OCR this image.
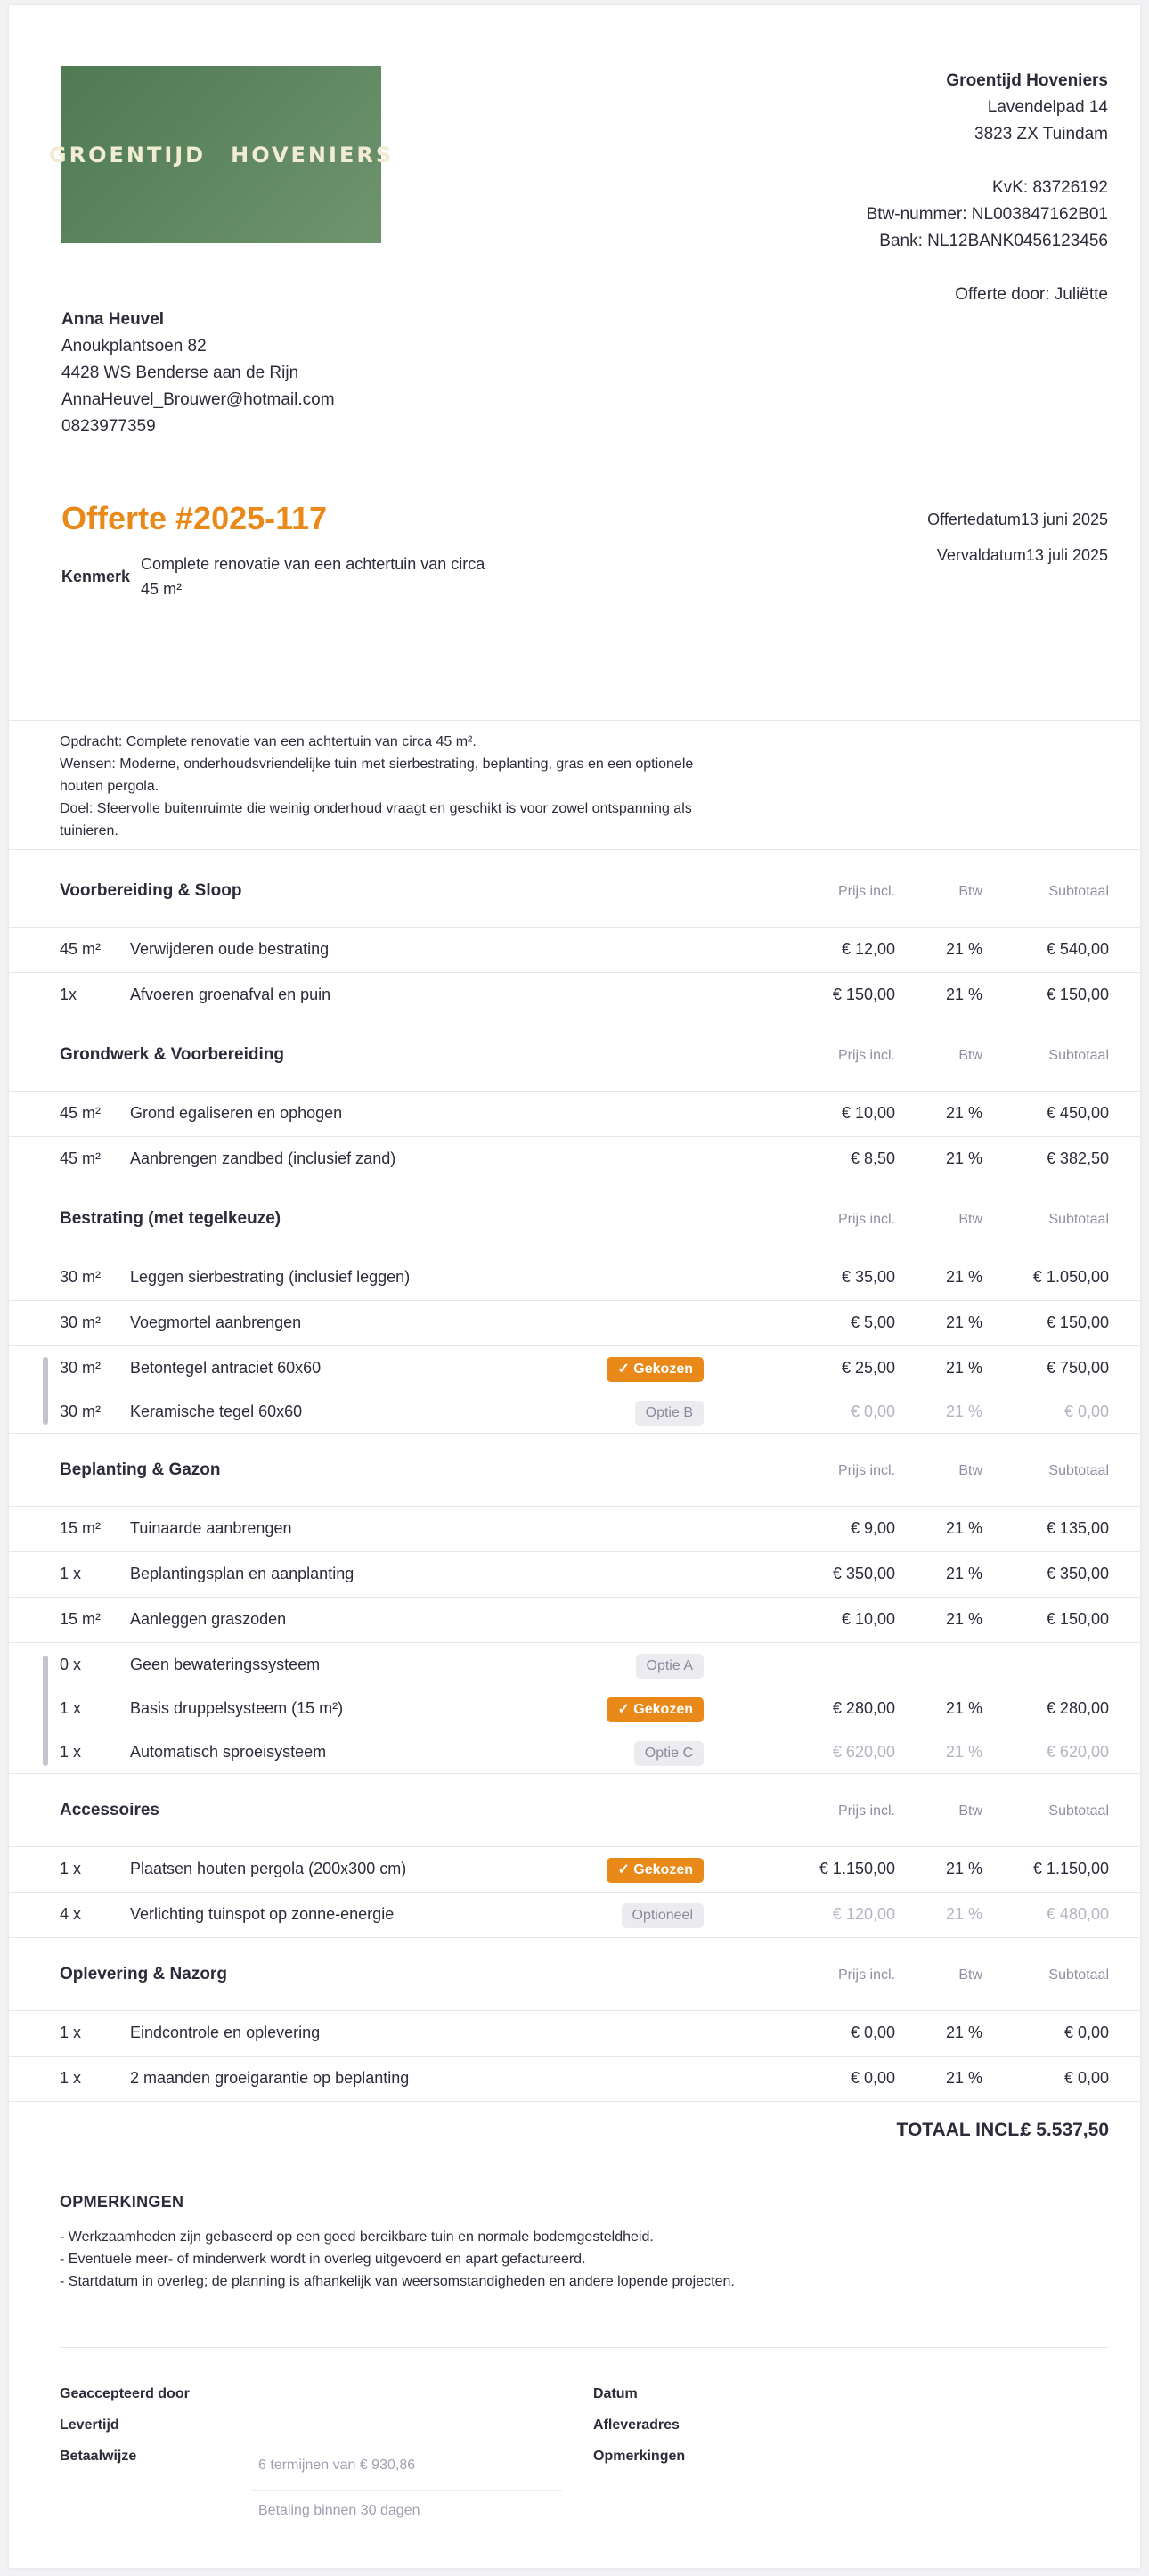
GROENTIJD HOVENIERS
Groentijd Hoveniers
Lavendelpad 14
3823 ZX Tuindam
KvK: 83726192
Btw-nummer: NL003847162B01
Bank: NL12BANK0456123456
Offerte door: Juliëtte
Anna Heuvel
Anoukplantsoen 82
4428 WS Benderse aan de Rijn
AnnaHeuvel_Brouwer@hotmail.com
0823977359
Offerte #2025-117
Kenmerk
Complete renovatie van een achtertuin van circa 45 m²
Offertedatum13 juni 2025
Vervaldatum13 juli 2025
Opdracht: Complete renovatie van een achtertuin van circa 45 m².
Wensen: Moderne, onderhoudsvriendelijke tuin met sierbestrating, beplanting, gras en een optionele houten pergola.
Doel: Sfeervolle buitenruimte die weinig onderhoud vraagt en geschikt is voor zowel ontspanning als tuinieren.
Voorbereiding & Sloop	Prijs incl.	Btw	Subtotaal
45 m² Verwijderen oude bestrating	€ 12,00	21 %	€ 540,00
1x	Afvoeren groenafval en puin	€ 150,00	21 %	€ 150,00
Grondwerk & Voorbereiding	Prijs incl.	Btw	Subtotaal
45 m² Grond egaliseren en ophogen	€ 10,00	21 %	€ 450,00
45 m² Aanbrengen zandbed (inclusief zand)	€ 8,50	21 %	€ 382,50
Bestrating (met tegelkeuze)	Prijs incl.	Btw	Subtotaal
30 m² Leggen sierbestrating (inclusief leggen)	€ 35,00	21 %	€ 1.050,00
30 m² Voegmortel aanbrengen	€ 5,00	21 %	€ 150,00
30 m² Betontegel antraciet 60x60	✓ Gekozen	€ 25,00	21 %	€ 750,00
30 m² Keramische tegel 60x60	Optie B	€ 0,00	21 %	€ 0,00
Beplanting & Gazon	Prijs incl.	Btw	Subtotaal
15 m² Tuinaarde aanbrengen	€ 9,00	21 %	€ 135,00
1 x	Beplantingsplan en aanplanting	€ 350,00	21 %	€ 350,00
15 m² Aanleggen graszoden	€ 10,00	21 %	€ 150,00
0 x	Geen bewateringssysteem	Optie A
1 x	Basis druppelsysteem (15 m²)	✓ Gekozen	€ 280,00	21 %	€ 280,00
1 x	Automatisch sproeisysteem	Optie C	€ 620,00	21 %	€ 620,00
Accessoires	Prijs incl.	Btw	Subtotaal
1 x	Plaatsen houten pergola (200x300 cm)	✓ Gekozen	€ 1.150,00	21 %	€ 1.150,00
4 x	Verlichting tuinspot op zonne-energie	Optioneel	€ 120,00	21 %	€ 480,00
Oplevering & Nazorg	Prijs incl.	Btw	Subtotaal
1 x	Eindcontrole en oplevering	€ 0,00	21 %	€ 0,00
1 x	2 maanden groeigarantie op beplanting	€ 0,00	21 %	€ 0,00
TOTAAL INCL.
€ 5.537,50
OPMERKINGEN
- Werkzaamheden zijn gebaseerd op een goed bereikbare tuin en normale bodemgesteldheid.
- Eventuele meer- of minderwerk wordt in overleg uitgevoerd en apart gefactureerd.
- Startdatum in overleg; de planning is afhankelijk van weersomstandigheden en andere lopende projecten.
Geaccepteerd door
Levertijd
Betaalwijze
6 termijnen van € 930,86
Betaling binnen 30 dagen
Datum
Afleveradres
Opmerkingen
